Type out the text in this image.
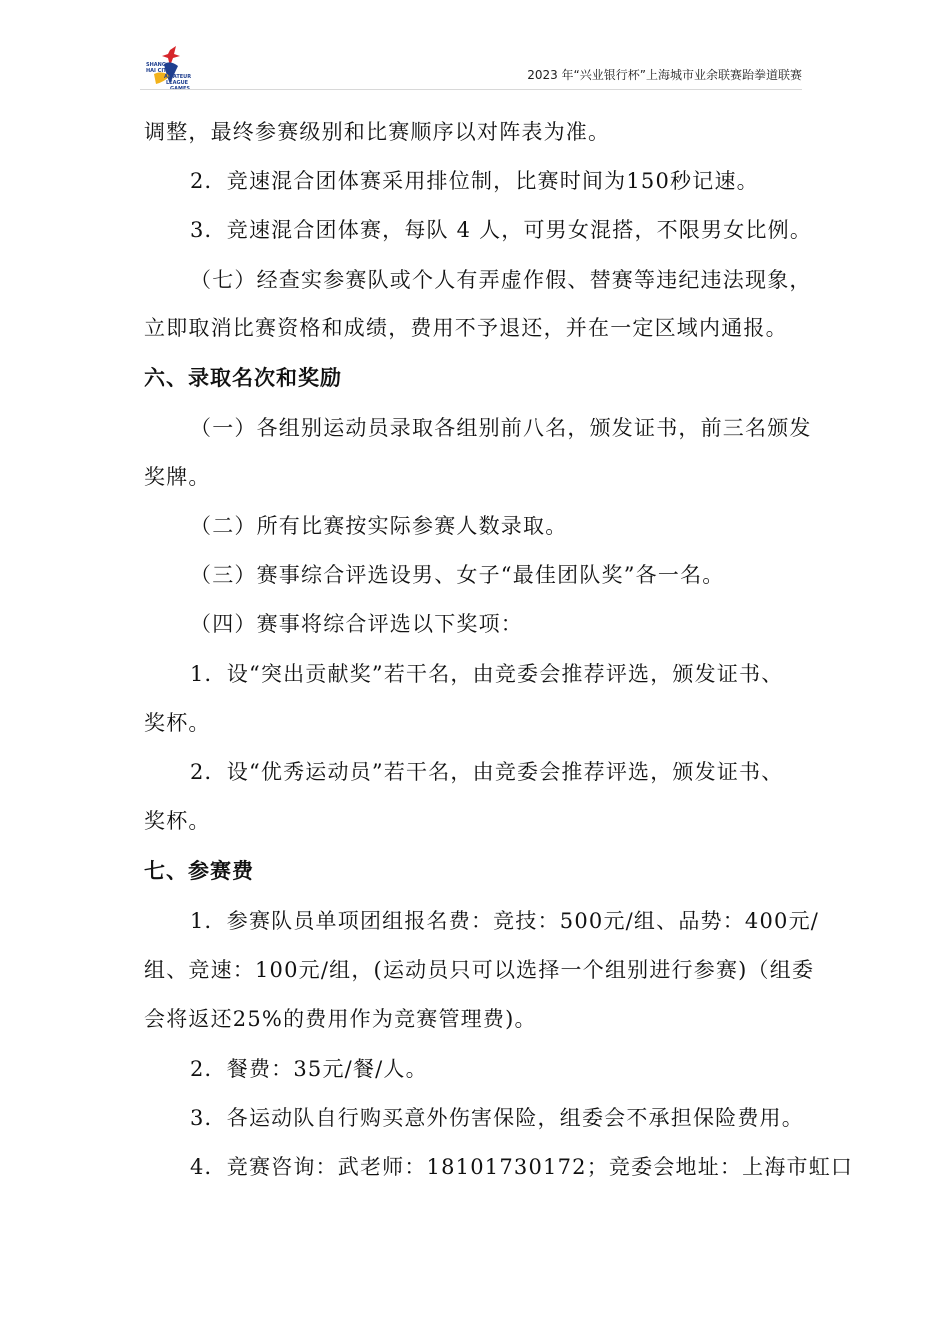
SHANG
HAI CITY
AMATEUR
LEAGUE
2023 年“兴业银行杯”上海城市业余联赛跆拳道联赛
调整，最终参赛级别和比赛顺序以对阵表为准。
2．竞速混合团体赛采用排位制，比赛时间为150秒记速。
3．竞速混合团体赛，每队 4 人，可男女混搭，不限男女比例。
（七）经查实参赛队或个人有弄虚作假、替赛等违纪违法现象，
立即取消比赛资格和成绩，费用不予退还，并在一定区域内通报。
六、录取名次和奖励
（一）各组别运动员录取各组别前八名，颁发证书，前三名颁发
奖牌。
（二）所有比赛按实际参赛人数录取。
（三）赛事综合评选设男、女子“最佳团队奖”各一名。
（四）赛事将综合评选以下奖项：
1．设“突出贡献奖”若干名，由竞委会推荐评选，颁发证书、
奖杯。
2．设“优秀运动员”若干名，由竞委会推荐评选，颁发证书、
奖杯。
七、参赛费
1．参赛队员单项团组报名费：竞技：500元/组、品势：400元/
组、竞速：100元/组，(运动员只可以选择一个组别进行参赛)（组委
会将返还25%的费用作为竞赛管理费)。
2．餐费：35元/餐/人。
3．各运动队自行购买意外伤害保险，组委会不承担保险费用。
4．竞赛咨询：武老师：18101730172；竞委会地址：上海市虹口
